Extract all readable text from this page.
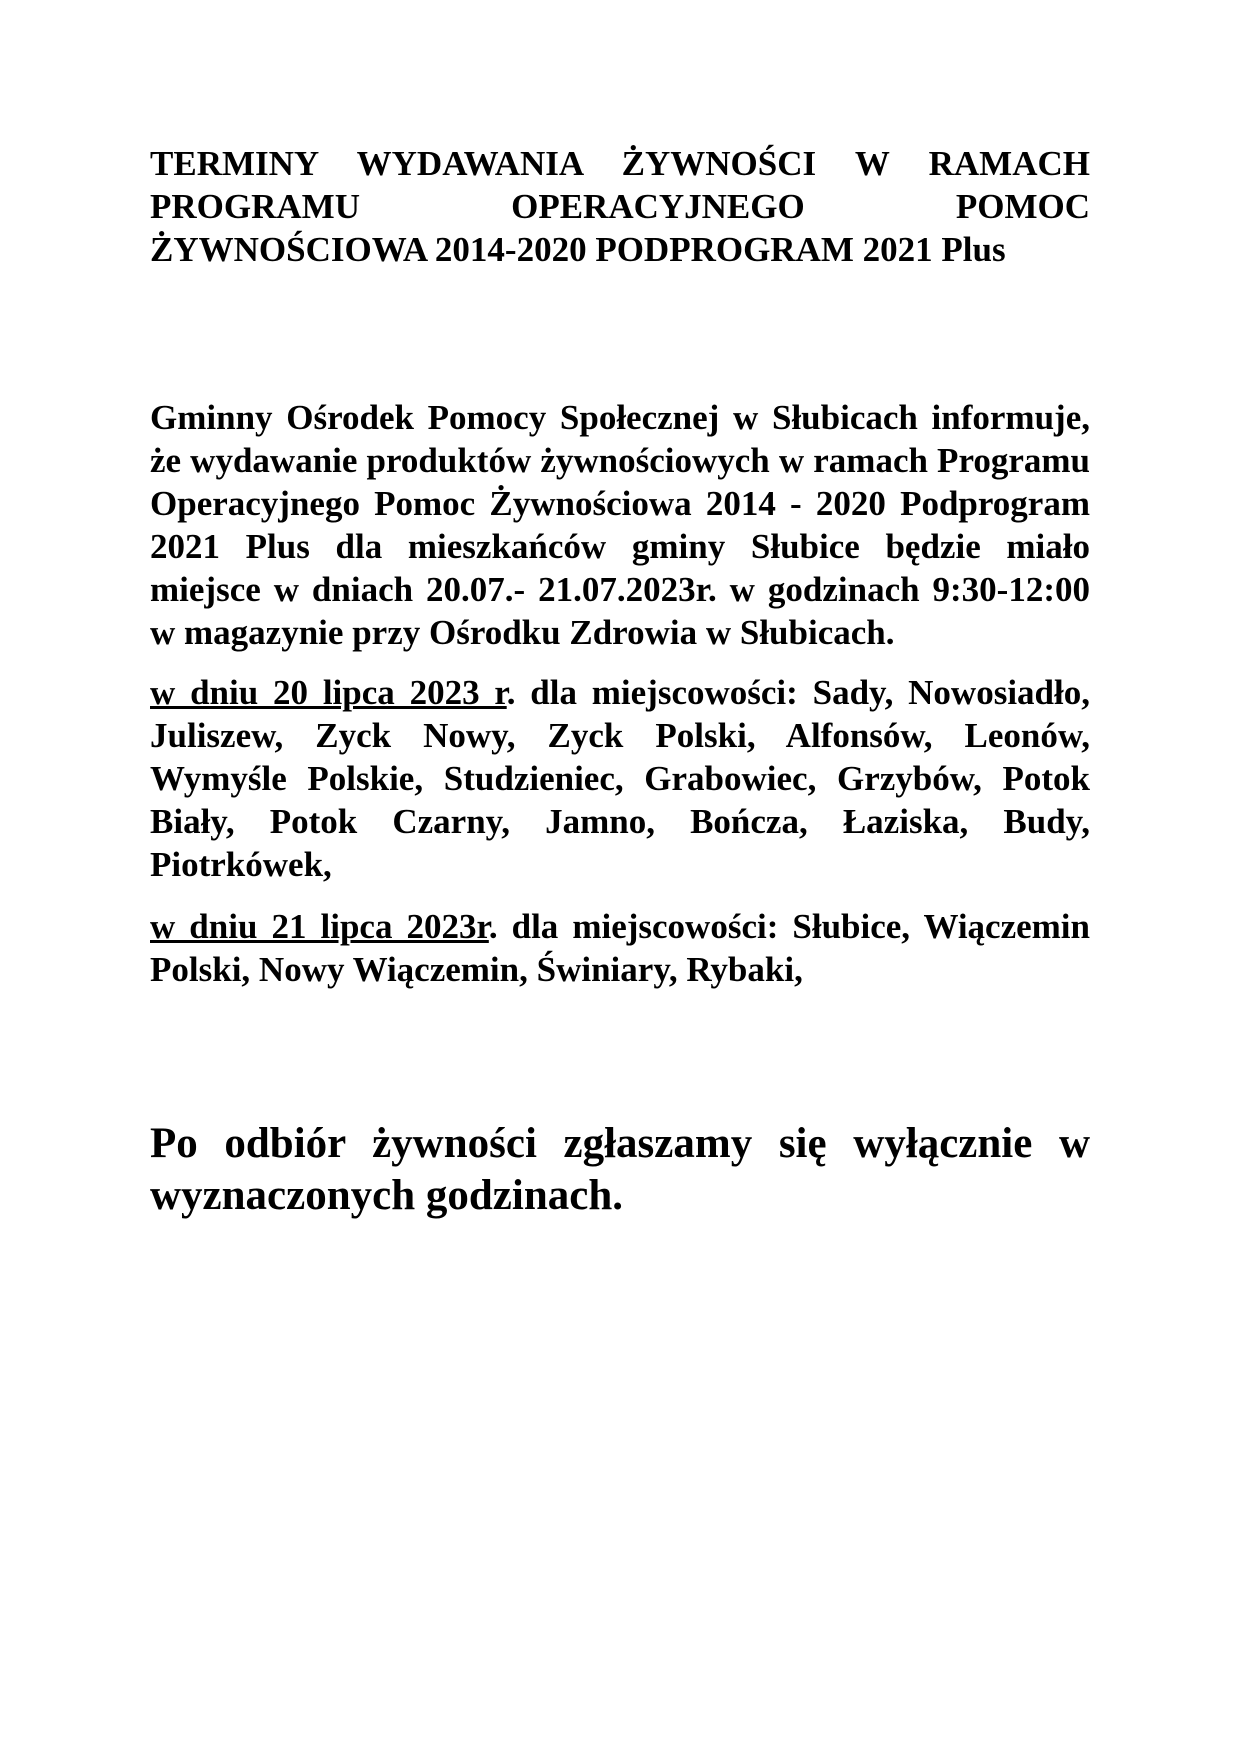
TERMINY WYDAWANIA ŻYWNOŚCI W RAMACH PROGRAMU OPERACYJNEGO POMOC ŻYWNOŚCIOWA 2014-2020 PODPROGRAM 2021 Plus

Gminny Ośrodek Pomocy Społecznej w Słubicach informuje, że wydawanie produktów żywnościowych w ramach Programu Operacyjnego Pomoc Żywnościowa 2014 - 2020 Podprogram 2021 Plus dla mieszkańców gminy Słubice będzie miało miejsce w dniach 20.07.- 21.07.2023r. w godzinach 9:30-12:00 w magazynie przy Ośrodku Zdrowia w Słubicach.

w dniu 20 lipca 2023 r. dla miejscowości: Sady, Nowosiadło, Juliszew, Zyck Nowy, Zyck Polski, Alfonsów, Leonów, Wymyśle Polskie, Studzieniec, Grabowiec, Grzybów, Potok Biały, Potok Czarny, Jamno, Bończa, Łaziska, Budy, Piotrkówek,

w dniu 21 lipca 2023r. dla miejscowości: Słubice, Wiączemin Polski, Nowy Wiączemin, Świniary, Rybaki,

Po odbiór żywności zgłaszamy się wyłącznie w wyznaczonych godzinach.
